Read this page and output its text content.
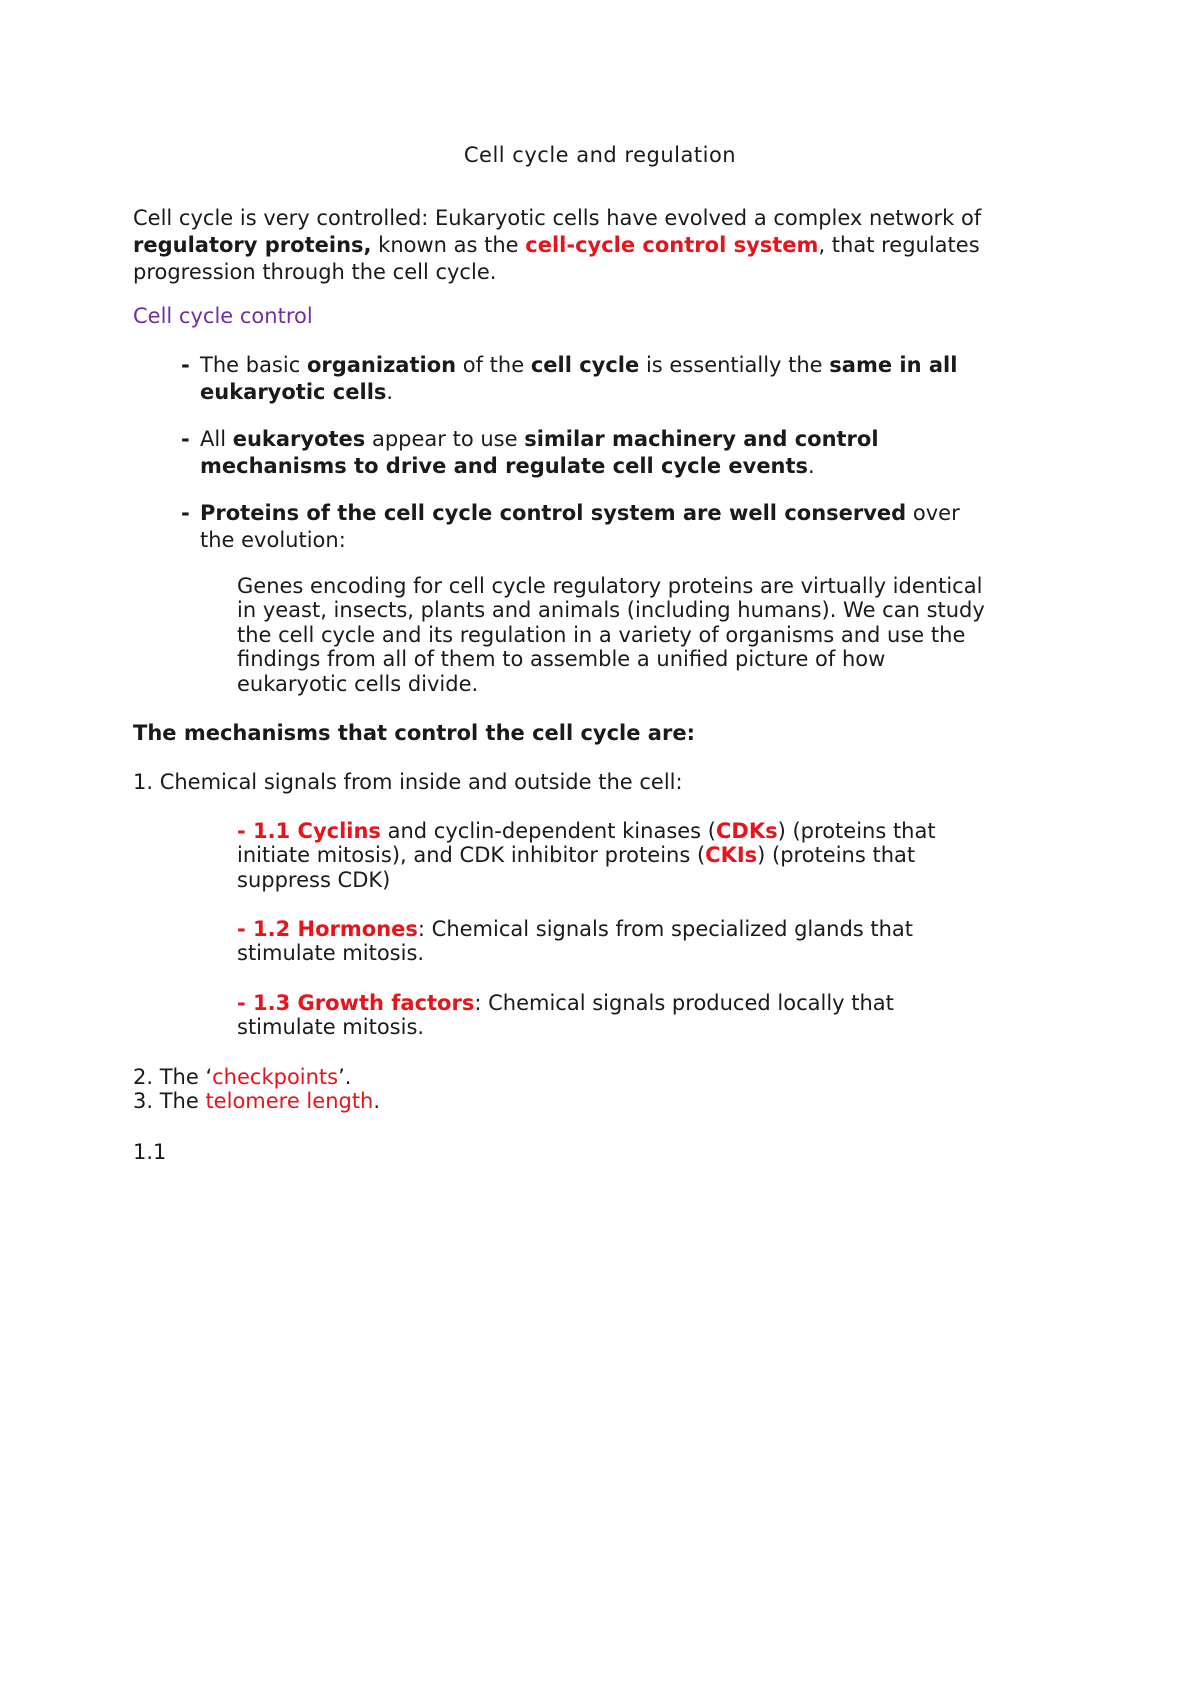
Cell cycle and regulation

Cell cycle is very controlled: Eukaryotic cells have evolved a complex network of
regulatory proteins, known as the cell-cycle control system, that regulates
progression through the cell cycle.

Cell cycle control

- The basic organization of the cell cycle is essentially the same in all
eukaryotic cells.

- All eukaryotes appear to use similar machinery and control
mechanisms to drive and regulate cell cycle events.

- Proteins of the cell cycle control system are well conserved over
the evolution:

Genes encoding for cell cycle regulatory proteins are virtually identical
in yeast, insects, plants and animals (including humans). We can study
the cell cycle and its regulation in a variety of organisms and use the
findings from all of them to assemble a unified picture of how
eukaryotic cells divide.

The mechanisms that control the cell cycle are:

1. Chemical signals from inside and outside the cell:

- 1.1 Cyclins and cyclin-dependent kinases (CDKs) (proteins that
initiate mitosis), and CDK inhibitor proteins (CKIs) (proteins that
suppress CDK)

- 1.2 Hormones: Chemical signals from specialized glands that
stimulate mitosis.

- 1.3 Growth factors: Chemical signals produced locally that
stimulate mitosis.

2. The ‘checkpoints’.
3. The telomere length.

1.1
